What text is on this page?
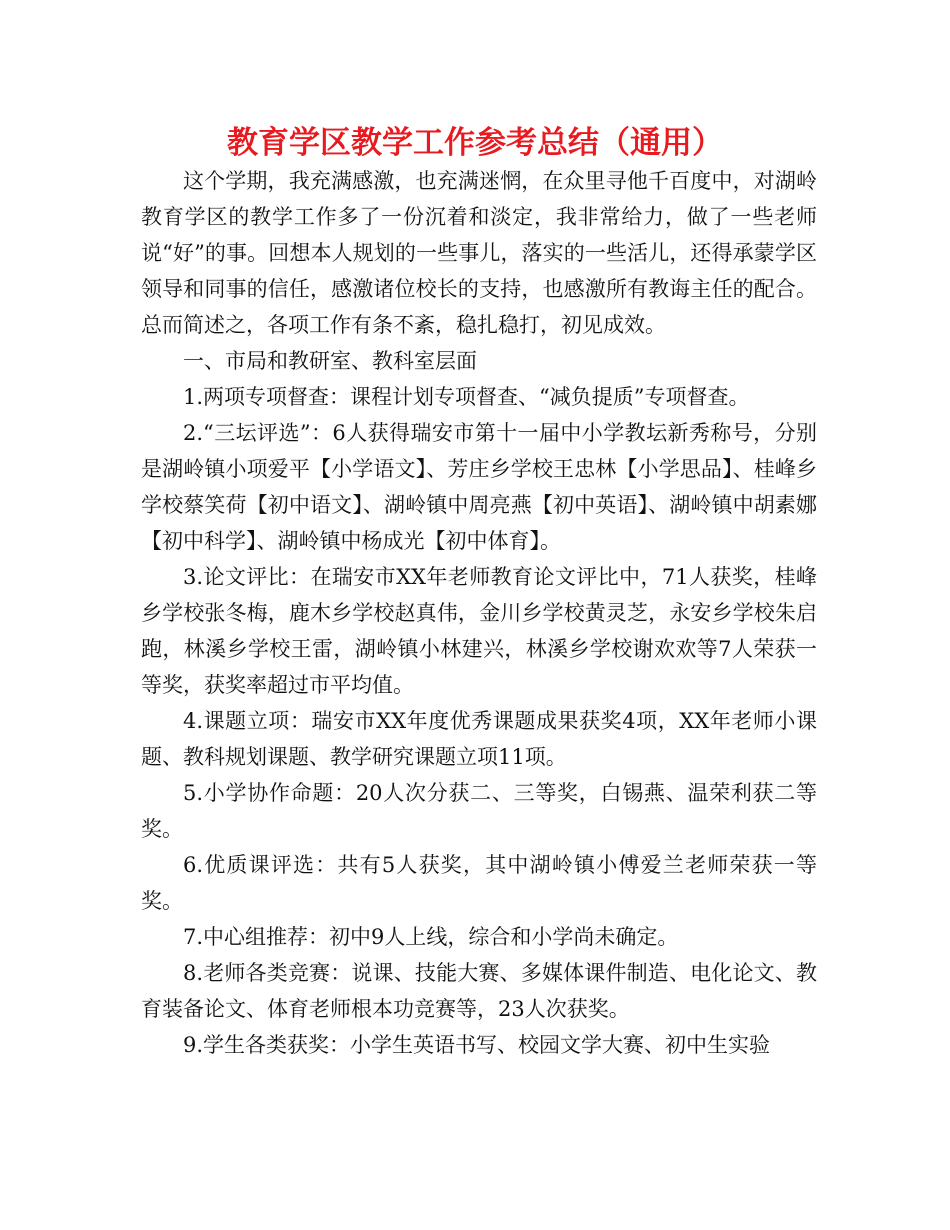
教育学区教学工作参考总结（通用）

这个学期，我充满感激，也充满迷惘，在众里寻他千百度中，对湖岭教育学区的教学工作多了一份沉着和淡定，我非常给力，做了一些老师说“好”的事。回想本人规划的一些事儿，落实的一些活儿，还得承蒙学区领导和同事的信任，感激诸位校长的支持，也感激所有教诲主任的配合。总而简述之，各项工作有条不紊，稳扎稳打，初见成效。

一、市局和教研室、教科室层面

1.两项专项督查：课程计划专项督查、“减负提质”专项督查。

2.“三坛评选”：6人获得瑞安市第十一届中小学教坛新秀称号，分别是湖岭镇小项爱平【小学语文】、芳庄乡学校王忠林【小学思品】、桂峰乡学校蔡笑荷【初中语文】、湖岭镇中周亮燕【初中英语】、湖岭镇中胡素娜【初中科学】、湖岭镇中杨成光【初中体育】。

3.论文评比：在瑞安市XX年老师教育论文评比中，71人获奖，桂峰乡学校张冬梅，鹿木乡学校赵真伟，金川乡学校黄灵芝，永安乡学校朱启跑，林溪乡学校王雷，湖岭镇小林建兴，林溪乡学校谢欢欢等7人荣获一等奖，获奖率超过市平均值。

4.课题立项：瑞安市XX年度优秀课题成果获奖4项，XX年老师小课题、教科规划课题、教学研究课题立项11项。

5.小学协作命题：20人次分获二、三等奖，白锡燕、温荣利获二等奖。

6.优质课评选：共有5人获奖，其中湖岭镇小傅爱兰老师荣获一等奖。

7.中心组推荐：初中9人上线，综合和小学尚未确定。

8.老师各类竞赛：说课、技能大赛、多媒体课件制造、电化论文、教育装备论文、体育老师根本功竞赛等，23人次获奖。

9.学生各类获奖：小学生英语书写、校园文学大赛、初中生实验
